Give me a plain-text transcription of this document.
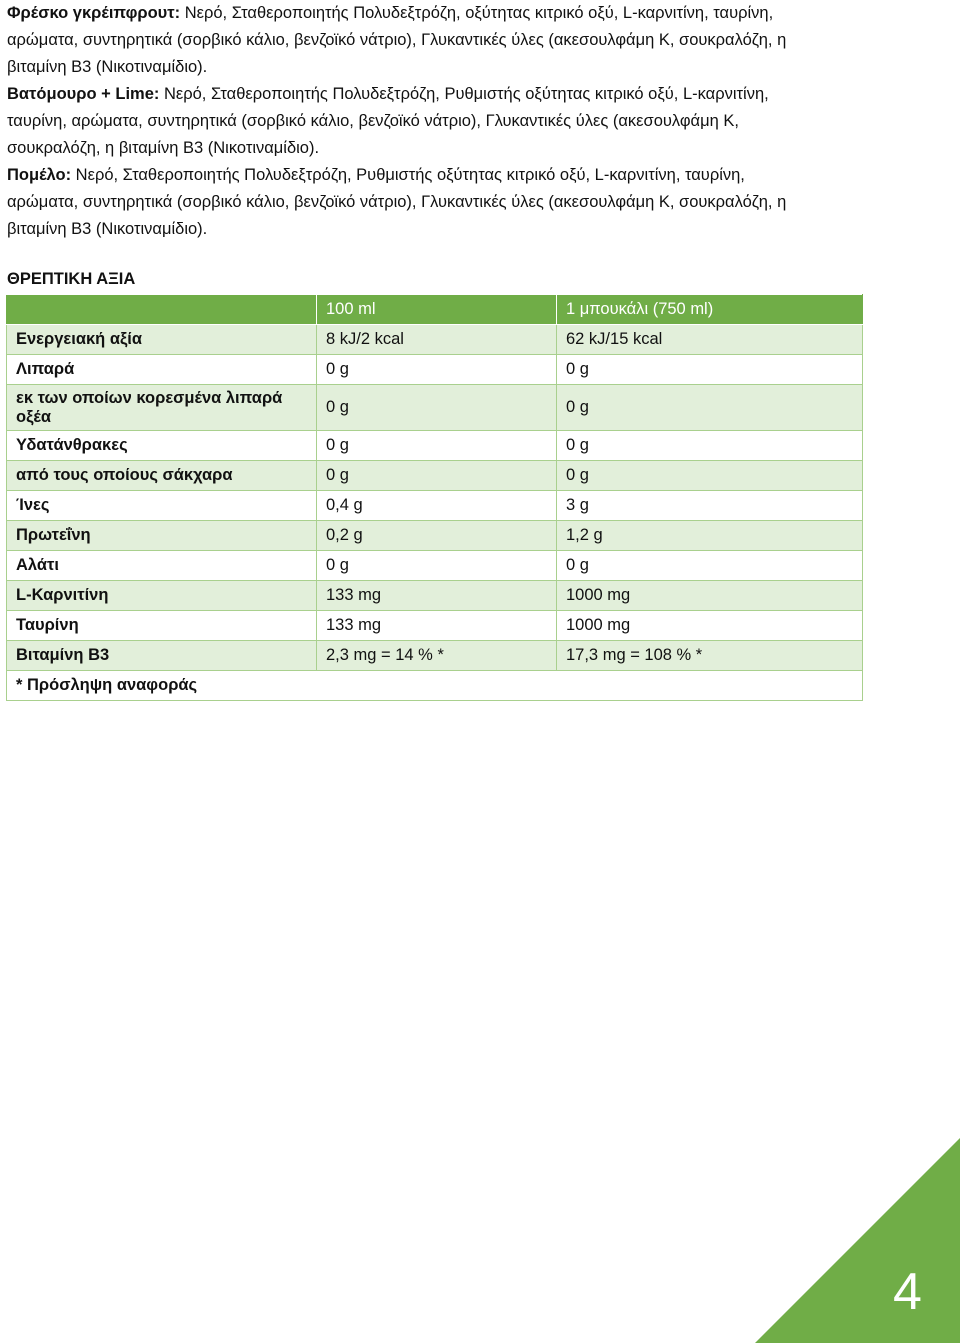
Φρέσκο γκρέιπφρουτ: Νερό, Σταθεροποιητής Πολυδεξτρόζη, οξύτητας κιτρικό οξύ, L-καρνιτίνη, ταυρίνη,
αρώματα, συντηρητικά (σορβικό κάλιο, βενζοϊκό νάτριο), Γλυκαντικές ύλες (ακεσουλφάμη Κ, σουκραλόζη, η
βιταμίνη Β3 (Νικοτιναμίδιο).

Βατόμουρο + Lime: Νερό, Σταθεροποιητής Πολυδεξτρόζη, Ρυθμιστής οξύτητας κιτρικό οξύ, L-καρνιτίνη,
ταυρίνη, αρώματα, συντηρητικά (σορβικό κάλιο, βενζοϊκό νάτριο), Γλυκαντικές ύλες (ακεσουλφάμη Κ,
σουκραλόζη, η βιταμίνη Β3 (Νικοτιναμίδιο).

Πομέλο: Νερό, Σταθεροποιητής Πολυδεξτρόζη, Ρυθμιστής οξύτητας κιτρικό οξύ, L-καρνιτίνη, ταυρίνη,
αρώματα, συντηρητικά (σορβικό κάλιο, βενζοϊκό νάτριο), Γλυκαντικές ύλες (ακεσουλφάμη Κ, σουκραλόζη, η
βιταμίνη Β3 (Νικοτιναμίδιο).

ΘΡΕΠΤΙΚΗ ΑΞΙΑ
	100 ml	1 μπουκάλι (750 ml)
Ενεργειακή αξία	8 kJ/2 kcal	62 kJ/15 kcal
Λιπαρά	0 g	0 g
εκ των οποίων κορεσμένα λιπαρά οξέα	0 g	0 g
Υδατάνθρακες	0 g	0 g
από τους οποίους σάκχαρα	0 g	0 g
Ίνες	0,4 g	3 g
Πρωτεΐνη	0,2 g	1,2 g
Αλάτι	0 g	0 g
L-Καρνιτίνη	133 mg	1000 mg
Ταυρίνη	133 mg	1000 mg
Βιταμίνη B3	2,3 mg = 14 % *	17,3 mg = 108 % *
* Πρόσληψη αναφοράς		
4
